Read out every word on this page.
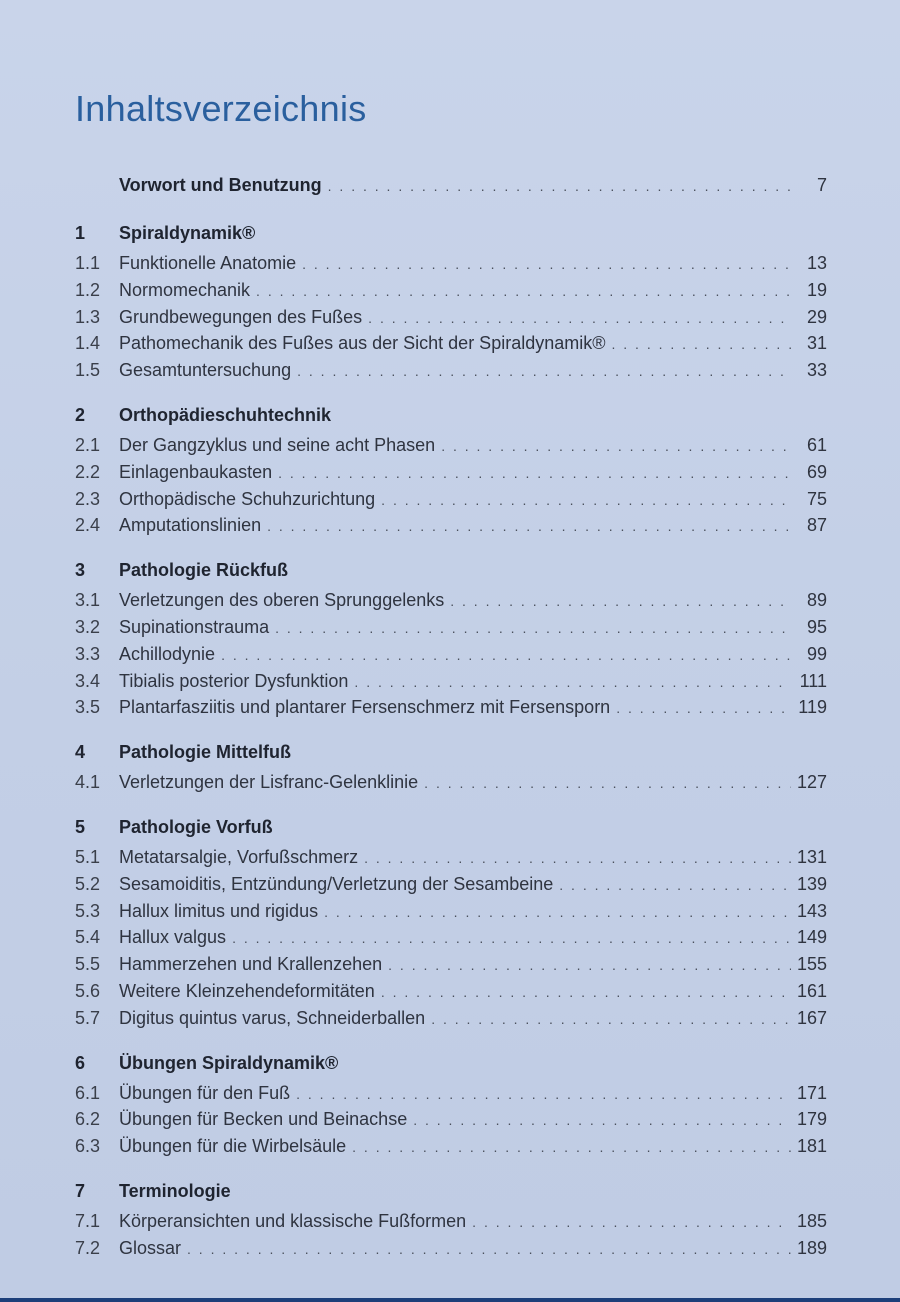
Inhaltsverzeichnis
Vorwort und Benutzung . . .	7
1	Spiraldynamik®
1.1	Funktionelle Anatomie . . .	13
1.2	Normomechanik . . .	19
1.3	Grundbewegungen des Fußes . . .	29
1.4	Pathomechanik des Fußes aus der Sicht der Spiraldynamik® . . .	31
1.5	Gesamtuntersuchung . . .	33
2	Orthopädieschuhtechnik
2.1	Der Gangzyklus und seine acht Phasen . . .	61
2.2	Einlagenbaukasten . . .	69
2.3	Orthopädische Schuhzurichtung . . .	75
2.4	Amputationslinien . . .	87
3	Pathologie Rückfuß
3.1	Verletzungen des oberen Sprunggelenks . . .	89
3.2	Supinationstrauma . . .	95
3.3	Achillodynie . . .	99
3.4	Tibialis posterior Dysfunktion . . .	111
3.5	Plantarfasziitis und plantarer Fersenschmerz mit Fersensporn . . .	119
4	Pathologie Mittelfuß
4.1	Verletzungen der Lisfranc-Gelenklinie . . .	127
5	Pathologie Vorfuß
5.1	Metatarsalgie, Vorfußschmerz . . .	131
5.2	Sesamoiditis, Entzündung/Verletzung der Sesambeine . . .	139
5.3	Hallux limitus und rigidus . . .	143
5.4	Hallux valgus . . .	149
5.5	Hammerzehen und Krallenzehen . . .	155
5.6	Weitere Kleinzehendeformitäten . . .	161
5.7	Digitus quintus varus, Schneiderballen . . .	167
6	Übungen Spiraldynamik®
6.1	Übungen für den Fuß . . .	171
6.2	Übungen für Becken und Beinachse . . .	179
6.3	Übungen für die Wirbelsäule . . .	181
7	Terminologie
7.1	Körperansichten und klassische Fußformen . . .	185
7.2	Glossar . . .	189
